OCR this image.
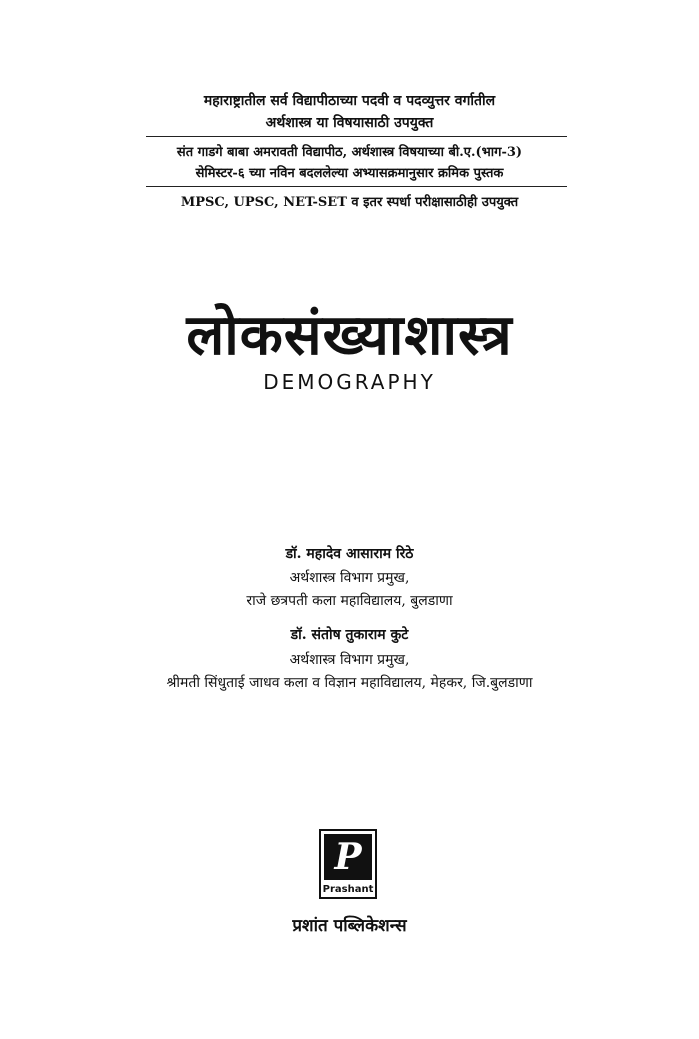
महाराष्ट्रातील सर्व विद्यापीठाच्या पदवी व पदव्युत्तर वर्गातील
अर्थशास्त्र या विषयासाठी उपयुक्त
संत गाडगे बाबा अमरावती विद्यापीठ, अर्थशास्त्र विषयाच्या बी.ए.(भाग-3)
सेमिस्टर-६ च्या नविन बदललेल्या अभ्यासक्रमानुसार क्रमिक पुस्तक
MPSC, UPSC, NET-SET व इतर स्पर्धा परीक्षासाठीही उपयुक्त
लोकसंख्याशास्त्र
DEMOGRAPHY
डॉ. महादेव आसाराम रिठे
अर्थशास्त्र विभाग प्रमुख,
राजे छत्रपती कला महाविद्यालय, बुलडाणा
डॉ. संतोष तुकाराम कुटे
अर्थशास्त्र विभाग प्रमुख,
श्रीमती सिंधुताई जाधव कला व विज्ञान महाविद्यालय, मेहकर, जि.बुलडाणा
P
Prashant
प्रशांत पब्लिकेशन्स
